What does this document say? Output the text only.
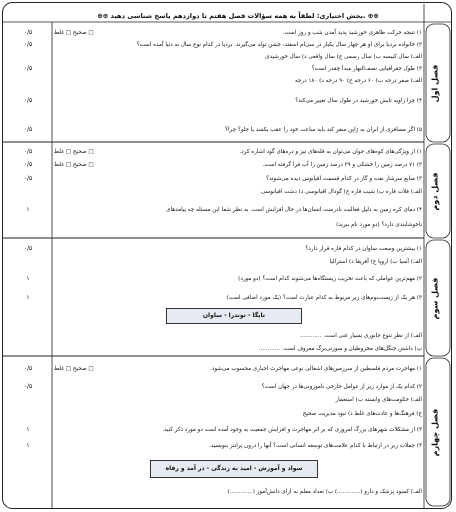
⊕⊕ بخش اختیاری: لطفاً به همه سؤالات فصل هفتم تا دوازدهم پاسخ شناسی دهید. ⊕⊕
فصل اول
فصل دوم
فصل سوم
فصل چهارم
۱) نتیجه حرکت ظاهری خورشید پدید آمدن شب و روز است.
۰/۵
۲) خانواده بردیا برای او هر چهار سال یکبار در سی‌ام اسفند، جشن تولد می‌گیرند. بردیا در کدام نوع سال به دنیا آمده است؟
۰/۵
الف) سال کبیسه ب) سال رسمی ج) سال واقعی د) سال خورشیدی
۳) طول جغرافیایی نصف‌النهار مبدأ چقدر است؟
۰/۵
الف) صفر درجه ب) ۶۰ درجه ج) ۹۰ درجه د) ۱۸۰ درجه
۴) چرا زاویه تابش خورشید در طول سال تغییر می‌کند؟
۰/۵
۵) اگر مسافری از ایران به ژاپن سفر کند باید ساعت خود را عقب بکشد یا جلو؟ چرا؟
۰/۵
۱) از ویژگی‌های کوه‌های جوان می‌توان به قله‌های تیز و دره‌های گود اشاره کرد.
۰/۵
۲) ۷۱ درصد زمین را خشکی و ۲۹ درصد زمین را آب فرا گرفته است.
۰/۵
۳) منابع سرشار نفت و گاز در کدام قسمت اقیانوس دیده می‌شوند؟
۰/۵
الف) فلات قاره ب) شیب قاره ج) گودال اقیانوسی د) دشت اقیانوسی
۴) دمای کره زمین به دلیل فعالیت نادرست انسان‌ها در حال افزایش است. به نظر شما این مسئله چه پیامدهای
۱
ناخوشایندی دارد؟ (دو مورد نام ببرید)
۱) بیشترین وسعت ساوان در کدام قاره قرار دارد؟
۰/۵
الف) آسیا ب) اروپا ج) آفریقا د) استرالیا
۲) مهم‌ترین عواملی که باعث تخریب زیستگاه‌ها می‌شوند کدام است؟ (دو مورد)
۱
۳) هر یک از زیست‌بوم‌های زیر مربوط به کدام عبارت است؟ (یک مورد اضافی است)
۱
تایگا - توندرا - ساوان
الف) از نظر تنوع جانوری بسیار غنی است. ............
ب) داشتن جنگل‌های مخروطیان و سوزنی‌برگ معروف است. ............
۱) مهاجرت مردم فلسطین از سرزمین‌های اشغالی نوعی مهاجرت اجباری محسوب می‌شود.
۰/۵
۲) کدام یک از موارد زیر از عوامل خارجی ناموزونی‌ها در جهان است؟
۰/۵
الف) حکومت‌های وابسته ب) استعمار
ج) فرهنگ‌ها و عادت‌های غلط د) نبود مدیریت صحیح
۳) از مشکلات شهرهای بزرگ امروزی که بر اثر مهاجرت و افزایش جمعیت به وجود آمده است دو مورد ذکر کنید.
۱
۴) جملات زیر در ارتباط با کدام علامت‌های توسعه انسانی است؟ آنها را درون پرانتز بنویسید.
۱
سواد و آموزش - امید به زندگی - در آمد و رفاه
الف) کمبود پزشک و دارو (.............) ب) تعداد معلم به ازای دانش‌آموز (.............)
صحیح □ غلط □
صحیح □ غلط □
صحیح □ غلط □
صحیح □ غلط □
